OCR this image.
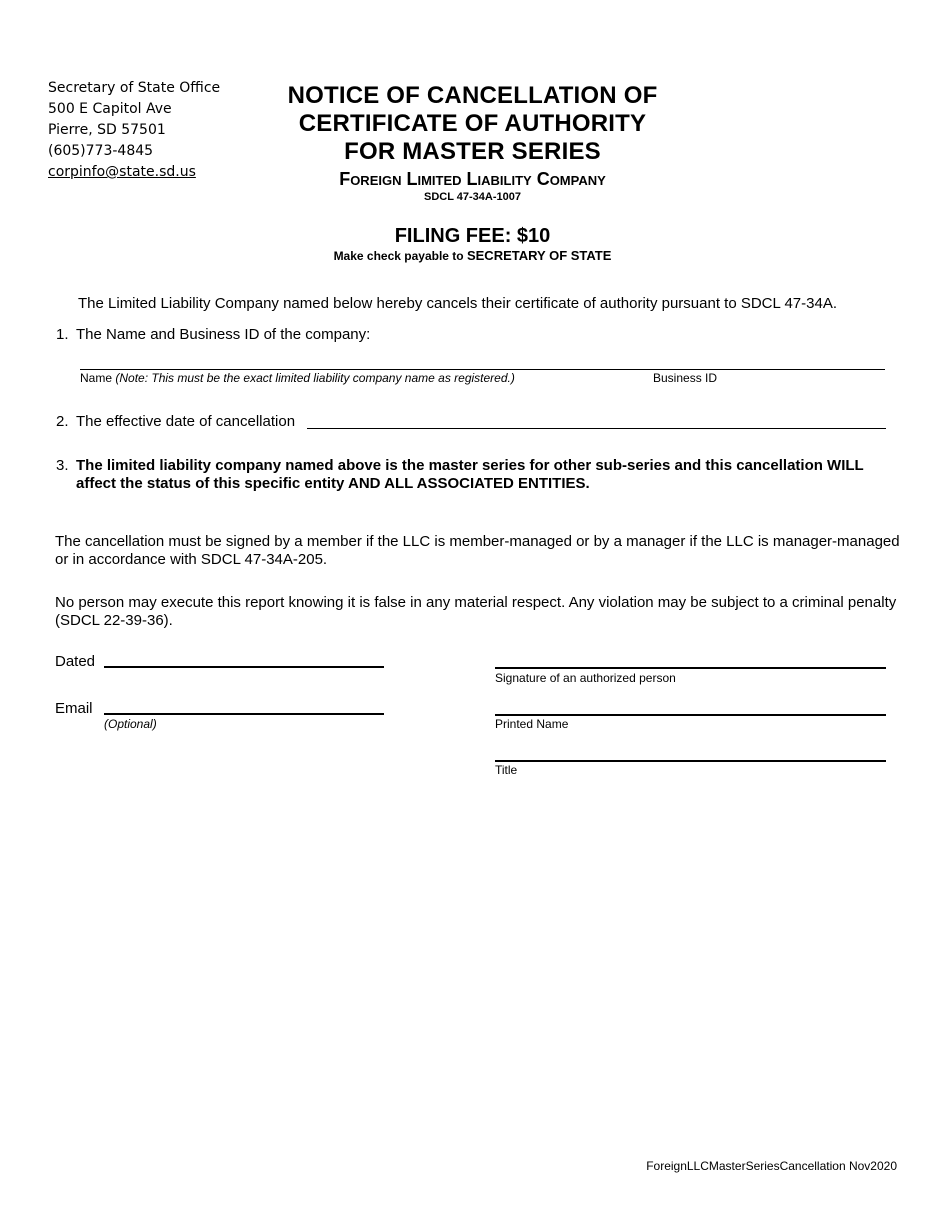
Secretary of State Office
500 E Capitol Ave
Pierre, SD 57501
(605)773-4845
corpinfo@state.sd.us
NOTICE OF CANCELLATION OF
CERTIFICATE OF AUTHORITY
FOR MASTER SERIES
Foreign Limited Liability Company
SDCL 47-34A-1007
FILING FEE: $10
Make check payable to SECRETARY OF STATE
The Limited Liability Company named below hereby cancels their certificate of authority pursuant to SDCL 47-34A.
1. The Name and Business ID of the company:
Name (Note: This must be the exact limited liability company name as registered.)	Business ID
2. The effective date of cancellation
3. The limited liability company named above is the master series for other sub-series and this cancellation WILL affect the status of this specific entity AND ALL ASSOCIATED ENTITIES.
The cancellation must be signed by a member if the LLC is member-managed or by a manager if the LLC is manager-managed or in accordance with SDCL 47-34A-205.
No person may execute this report knowing it is false in any material respect. Any violation may be subject to a criminal penalty (SDCL 22-39-36).
Dated
Email
(Optional)
Signature of an authorized person
Printed Name
Title
ForeignLLCMasterSeriesCancellation Nov2020
